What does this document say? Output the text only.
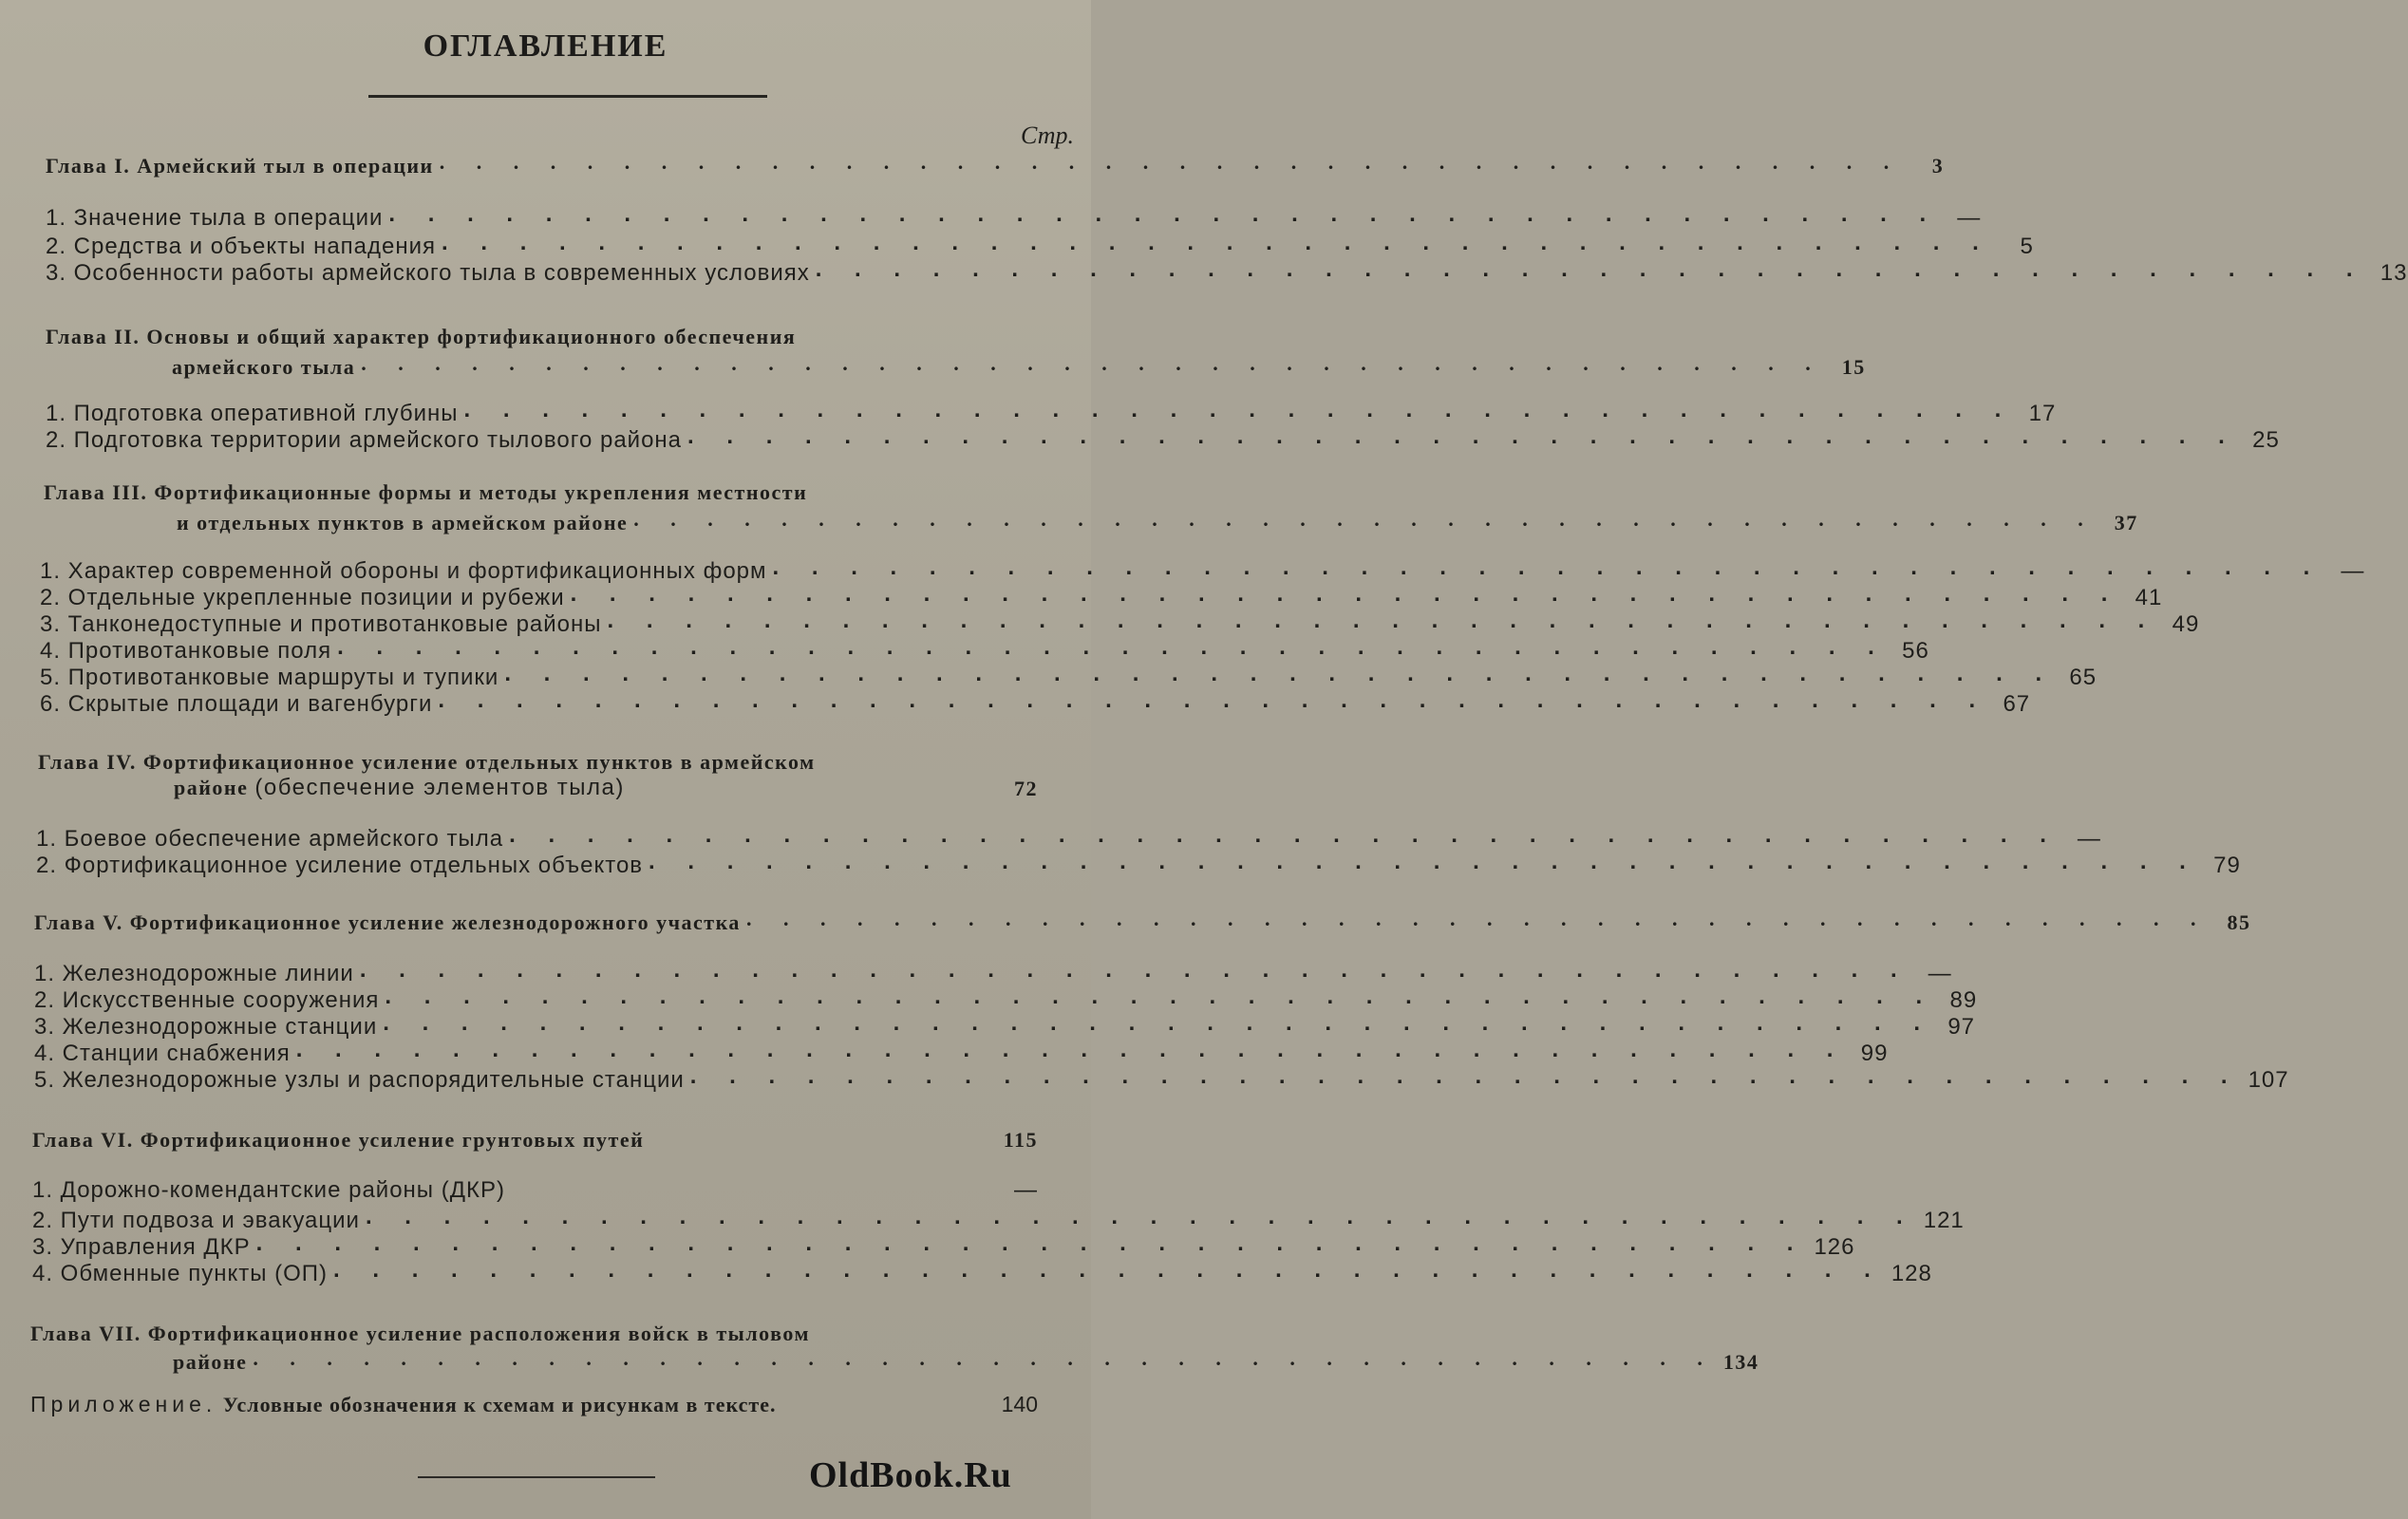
ОГЛАВЛЕНИЕ
Стр.
Глава I. Армейский тыл в операции . . . . . . . . . . . . . . . . . . . . . . . . . . . . . . . . . . . . . . . .	3
1. Значение тыла в операции . . . . . . . . . . . . . . . . . . . . . . . . . . . . . . . . . . . . . . . . —
2. Средства и объекты нападения . . . . . . . . . . . . . . . . . . . . . . . . . . . . . . . . . . . . . . . .	5
3. Особенности работы армейского тыла в современных условиях . . . . . . . . . . . . . . . . . . . . . . . . . . . . . . . . . . . . . . . . 13
Глава II. Основы и общий характер фортификационного обеспечения
армейского тыла . . . . . . . . . . . . . . . . . . . . . . . . . . . . . . . . . . . . . . . . 15
1. Подготовка оперативной глубины . . . . . . . . . . . . . . . . . . . . . . . . . . . . . . . . . . . . . . . . 17
2. Подготовка территории армейского тылового района . . . . . . . . . . . . . . . . . . . . . . . . . . . . . . . . . . . . . . . . 25
Глава III. Фортификационные формы и методы укрепления местности
и отдельных пунктов в армейском районе . . . . . . . . . . . . . . . . . . . . . . . . . . . . . . . . . . . . . . . . 37
1. Характер современной обороны и фортификационных форм . . . . . . . . . . . . . . . . . . . . . . . . . . . . . . . . . . . . . . . . —
2. Отдельные укрепленные позиции и рубежи . . . . . . . . . . . . . . . . . . . . . . . . . . . . . . . . . . . . . . . . 41
3. Танконедоступные и противотанковые районы . . . . . . . . . . . . . . . . . . . . . . . . . . . . . . . . . . . . . . . . 49
4. Противотанковые поля . . . . . . . . . . . . . . . . . . . . . . . . . . . . . . . . . . . . . . . . 56
5. Противотанковые маршруты и тупики . . . . . . . . . . . . . . . . . . . . . . . . . . . . . . . . . . . . . . . . 65
6. Скрытые площади и вагенбурги . . . . . . . . . . . . . . . . . . . . . . . . . . . . . . . . . . . . . . . . 67
Глава IV. Фортификационное усиление отдельных пунктов в армейском
районе (обеспечение элементов тыла)	72
1. Боевое обеспечение армейского тыла . . . . . . . . . . . . . . . . . . . . . . . . . . . . . . . . . . . . . . . . —
2. Фортификационное усиление отдельных объектов . . . . . . . . . . . . . . . . . . . . . . . . . . . . . . . . . . . . . . . . 79
Глава V. Фортификационное усиление железнодорожного участка . . . . . . . . . . . . . . . . . . . . . . . . . . . . . . . . . . . . . . . . 85
1. Железнодорожные линии . . . . . . . . . . . . . . . . . . . . . . . . . . . . . . . . . . . . . . . . —
2. Искусственные сооружения . . . . . . . . . . . . . . . . . . . . . . . . . . . . . . . . . . . . . . . . 89
3. Железнодорожные станции . . . . . . . . . . . . . . . . . . . . . . . . . . . . . . . . . . . . . . . . 97
4. Станции снабжения . . . . . . . . . . . . . . . . . . . . . . . . . . . . . . . . . . . . . . . . 99
5. Железнодорожные узлы и распорядительные станции . . . . . . . . . . . . . . . . . . . . . . . . . . . . . . . . . . . . . . . . 107
Глава VI. Фортификационное усиление грунтовых путей	115
1. Дорожно-комендантские районы (ДКР)	—
2. Пути подвоза и эвакуации . . . . . . . . . . . . . . . . . . . . . . . . . . . . . . . . . . . . . . . . 121
3. Управления ДКР . . . . . . . . . . . . . . . . . . . . . . . . . . . . . . . . . . . . . . . . 126
4. Обменные пункты (ОП) . . . . . . . . . . . . . . . . . . . . . . . . . . . . . . . . . . . . . . . . 128
Глава VII. Фортификационное усиление расположения войск в тыловом
районе . . . . . . . . . . . . . . . . . . . . . . . . . . . . . . . . . . . . . . . . 134
Приложение. Условные обозначения к схемам и рисункам в тексте.	140
OldBook.Ru
